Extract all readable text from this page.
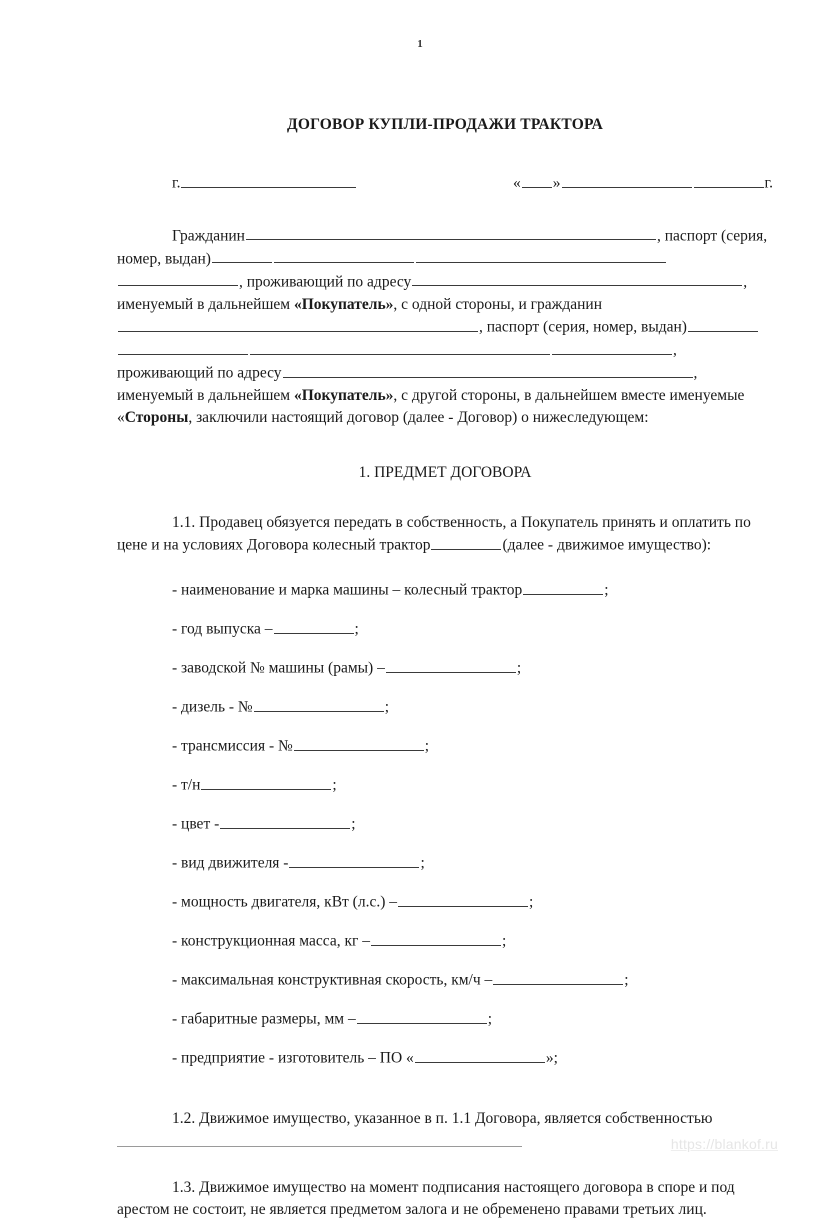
1
ДОГОВОР КУПЛИ-ПРОДАЖИ ТРАКТОРА
г.	« »	г.

Гражданин	, паспорт (серия, номер, выдан) , проживающий по адресу	, именуемый в дальнейшем «Покупатель», с одной стороны, и гражданин , паспорт (серия, номер, выдан) , проживающий по адресу	, именуемый в дальнейшем «Покупатель», с другой стороны, в дальнейшем вместе именуемые «Стороны, заключили настоящий договор (далее - Договор) о нижеследующем:

1. ПРЕДМЕТ ДОГОВОРА

1.1. Продавец обязуется передать в собственность, а Покупатель принять и оплатить по цене и на условиях Договора колесный трактор	(далее - движимое имущество):

- наименование и марка машины – колесный трактор	;
- год выпуска –	;
- заводской № машины (рамы) –	;
- дизель - №	;
- трансмиссия - №	;
- т/н	;
- цвет -	;
- вид движителя -	;
- мощность двигателя, кВт (л.с.) –	;
- конструкционная масса, кг –	;
- максимальная конструктивная скорость, км/ч –	;
- габаритные размеры, мм –	;
- предприятие - изготовитель – ПО «	»;

1.2. Движимое имущество, указанное в п. 1.1 Договора, является собственностью

1.3. Движимое имущество на момент подписания настоящего договора в споре и под арестом не состоит, не является предметом залога и не обременено правами третьих лиц.

https://blankof.ru
